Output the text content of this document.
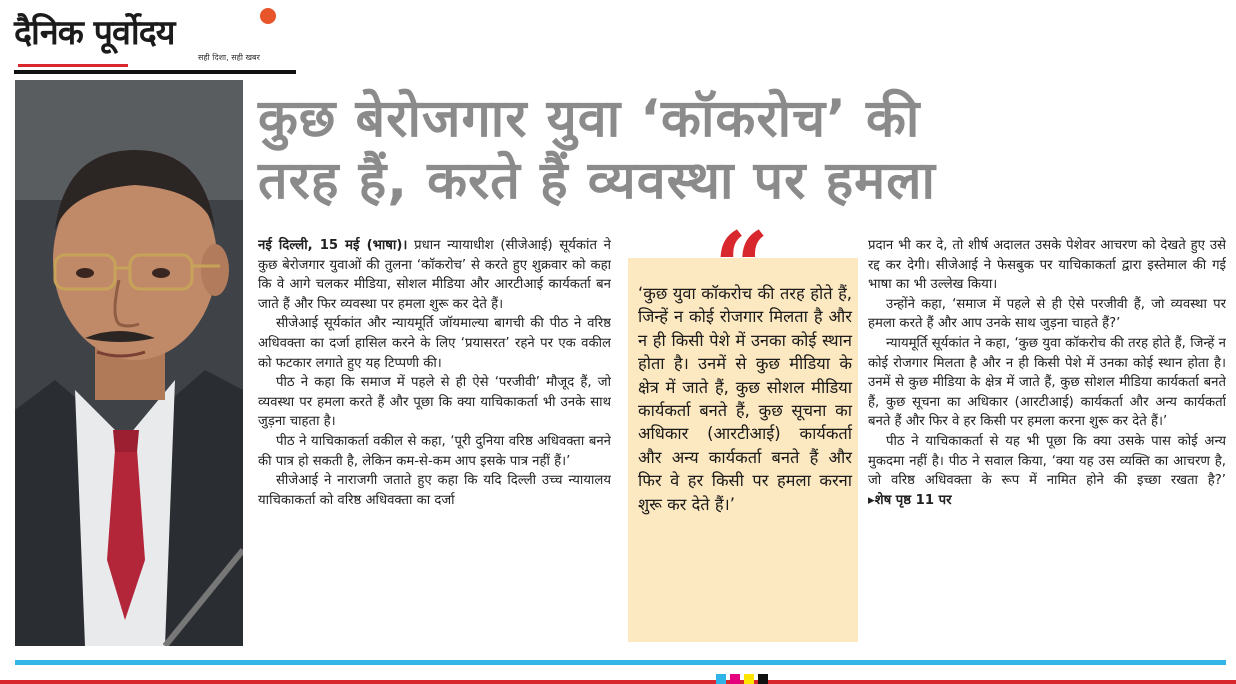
दैनिक पूर्वोदय
सही दिशा, सही खबर
कुछ बेरोजगार युवा ‘कॉकरोच’ की
तरह हैं, करते हैं व्यवस्था पर हमला

नई दिल्ली, 15 मई (भाषा)। प्रधान न्यायाधीश (सीजेआई) सूर्यकांत ने कुछ बेरोजगार युवाओं की तुलना ‘कॉकरोच’ से करते हुए शुक्रवार को कहा कि वे आगे चलकर मीडिया, सोशल मीडिया और आरटीआई कार्यकर्ता बन जाते हैं और फिर व्यवस्था पर हमला शुरू कर देते हैं।

सीजेआई सूर्यकांत और न्यायमूर्ति जॉयमाल्या बागची की पीठ ने वरिष्ठ अधिवक्ता का दर्जा हासिल करने के लिए ‘प्रयासरत’ रहने पर एक वकील को फटकार लगाते हुए यह टिप्पणी की।

पीठ ने कहा कि समाज में पहले से ही ऐसे ‘परजीवी’ मौजूद हैं, जो व्यवस्था पर हमला करते हैं और पूछा कि क्या याचिकाकर्ता भी उनके साथ जुड़ना चाहता है।

पीठ ने याचिकाकर्ता वकील से कहा, ‘पूरी दुनिया वरिष्ठ अधिवक्ता बनने की पात्र हो सकती है, लेकिन कम-से-कम आप इसके पात्र नहीं हैं।’

सीजेआई ने नाराजगी जताते हुए कहा कि यदि दिल्ली उच्च न्यायालय याचिकाकर्ता को वरिष्ठ अधिवक्ता का दर्जा

“
‘कुछ युवा कॉकरोच की तरह होते हैं, जिन्हें न कोई रोजगार मिलता है और न ही किसी पेशे में उनका कोई स्थान होता है। उनमें से कुछ मीडिया के क्षेत्र में जाते हैं, कुछ सोशल मीडिया कार्यकर्ता बनते हैं, कुछ सूचना का अधिकार (आरटीआई) कार्यकर्ता और अन्य कार्यकर्ता बनते हैं और फिर वे हर किसी पर हमला करना शुरू कर देते हैं।’

प्रदान भी कर दे, तो शीर्ष अदालत उसके पेशेवर आचरण को देखते हुए उसे रद्द कर देगी। सीजेआई ने फेसबुक पर याचिकाकर्ता द्वारा इस्तेमाल की गई भाषा का भी उल्लेख किया।

उन्होंने कहा, ‘समाज में पहले से ही ऐसे परजीवी हैं, जो व्यवस्था पर हमला करते हैं और आप उनके साथ जुड़ना चाहते हैं?’

न्यायमूर्ति सूर्यकांत ने कहा, ‘कुछ युवा कॉकरोच की तरह होते हैं, जिन्हें न कोई रोजगार मिलता है और न ही किसी पेशे में उनका कोई स्थान होता है। उनमें से कुछ मीडिया के क्षेत्र में जाते हैं, कुछ सोशल मीडिया कार्यकर्ता बनते हैं, कुछ सूचना का अधिकार (आरटीआई) कार्यकर्ता और अन्य कार्यकर्ता बनते हैं और फिर वे हर किसी पर हमला करना शुरू कर देते हैं।’

पीठ ने याचिकाकर्ता से यह भी पूछा कि क्या उसके पास कोई अन्य मुकदमा नहीं है। पीठ ने सवाल किया, ‘क्या यह उस व्यक्ति का आचरण है, जो वरिष्ठ अधिवक्ता के रूप में नामित होने की इच्छा रखता है?’ ▸शेष पृष्ठ 11 पर
